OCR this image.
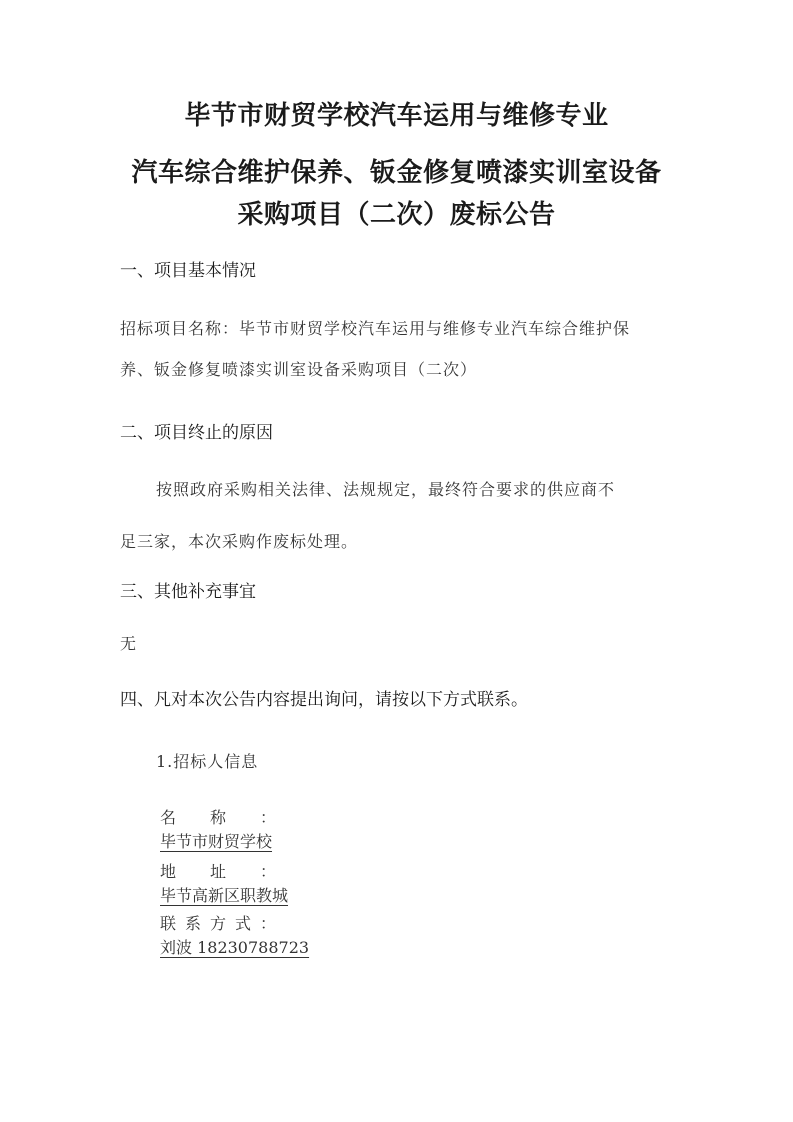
毕节市财贸学校汽车运用与维修专业
汽车综合维护保养、钣金修复喷漆实训室设备
采购项目（二次）废标公告
一、项目基本情况
招标项目名称：毕节市财贸学校汽车运用与维修专业汽车综合维护保
养、钣金修复喷漆实训室设备采购项目（二次）
二、项目终止的原因
按照政府采购相关法律、法规规定，最终符合要求的供应商不
足三家，本次采购作废标处理。
三、其他补充事宜
无
四、凡对本次公告内容提出询问，请按以下方式联系。
1.招标人信息
名 称 ：
毕节市财贸学校
地 址 ：
毕节高新区职教城
联 系 方 式 ：
刘波 18230788723
